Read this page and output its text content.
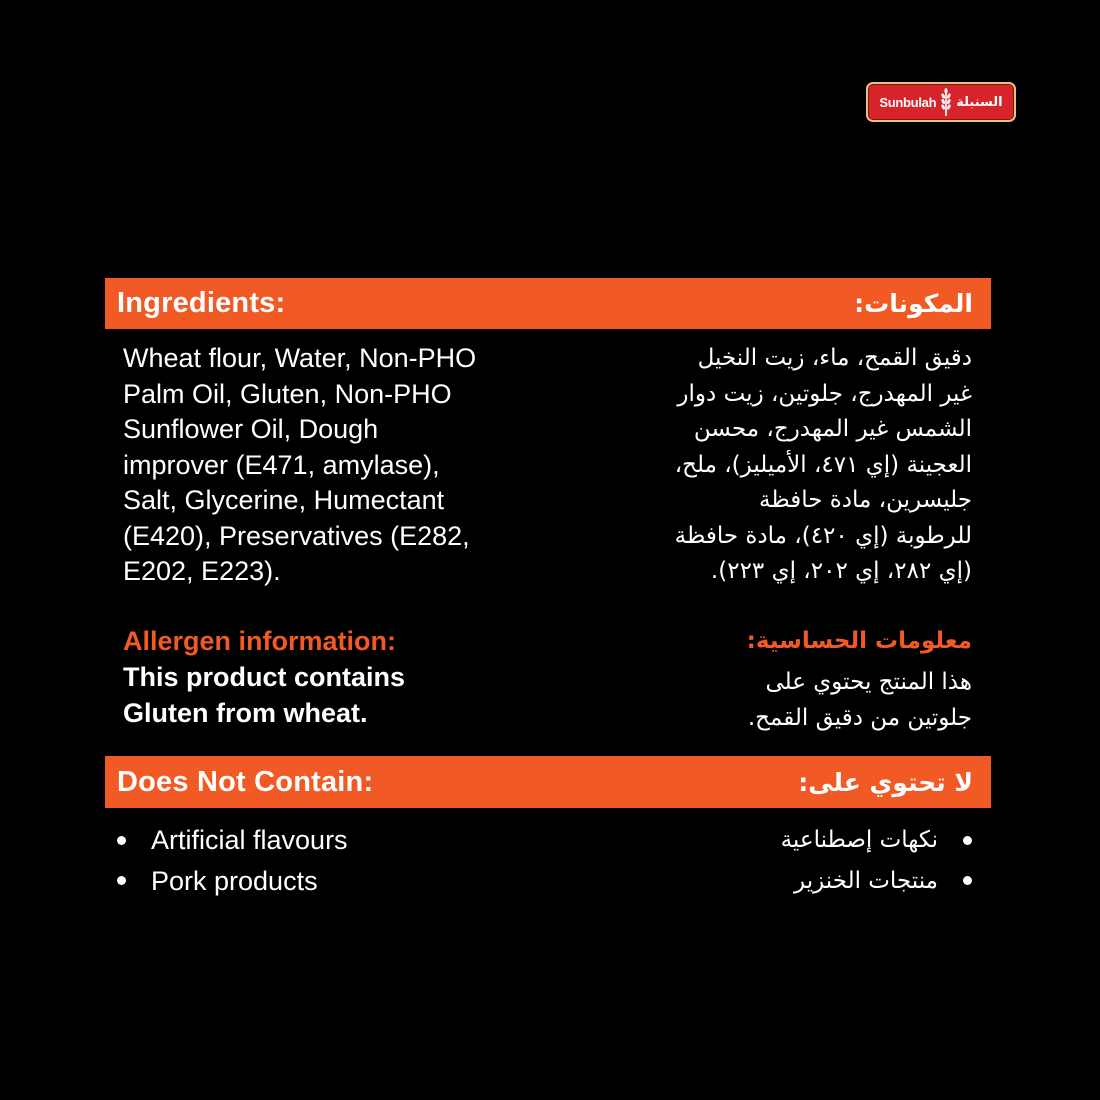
Sunbulah السنبلة
Ingredients:	المكونات:
Wheat flour, Water, Non-PHO
Palm Oil, Gluten, Non-PHO
Sunflower Oil, Dough
improver (E471, amylase),
Salt, Glycerine, Humectant
(E420), Preservatives (E282,
E202, E223).
دقيق القمح، ماء، زيت النخيل
غير المهدرج، جلوتين، زيت دوار
الشمس غير المهدرج، محسن
العجينة (إي ٤٧١، الأميليز)، ملح،
جليسرين، مادة حافظة
للرطوبة (إي ٤٢٠)، مادة حافظة
(إي ٢٨٢، إي ٢٠٢، إي ٢٢٣).
Allergen information:
This product contains
Gluten from wheat.
معلومات الحساسية:
هذا المنتج يحتوي على
جلوتين من دقيق القمح.
Does Not Contain:	لا تحتوي على:
Artificial flavours
Pork products
نكهات إصطناعية
منتجات الخنزير
